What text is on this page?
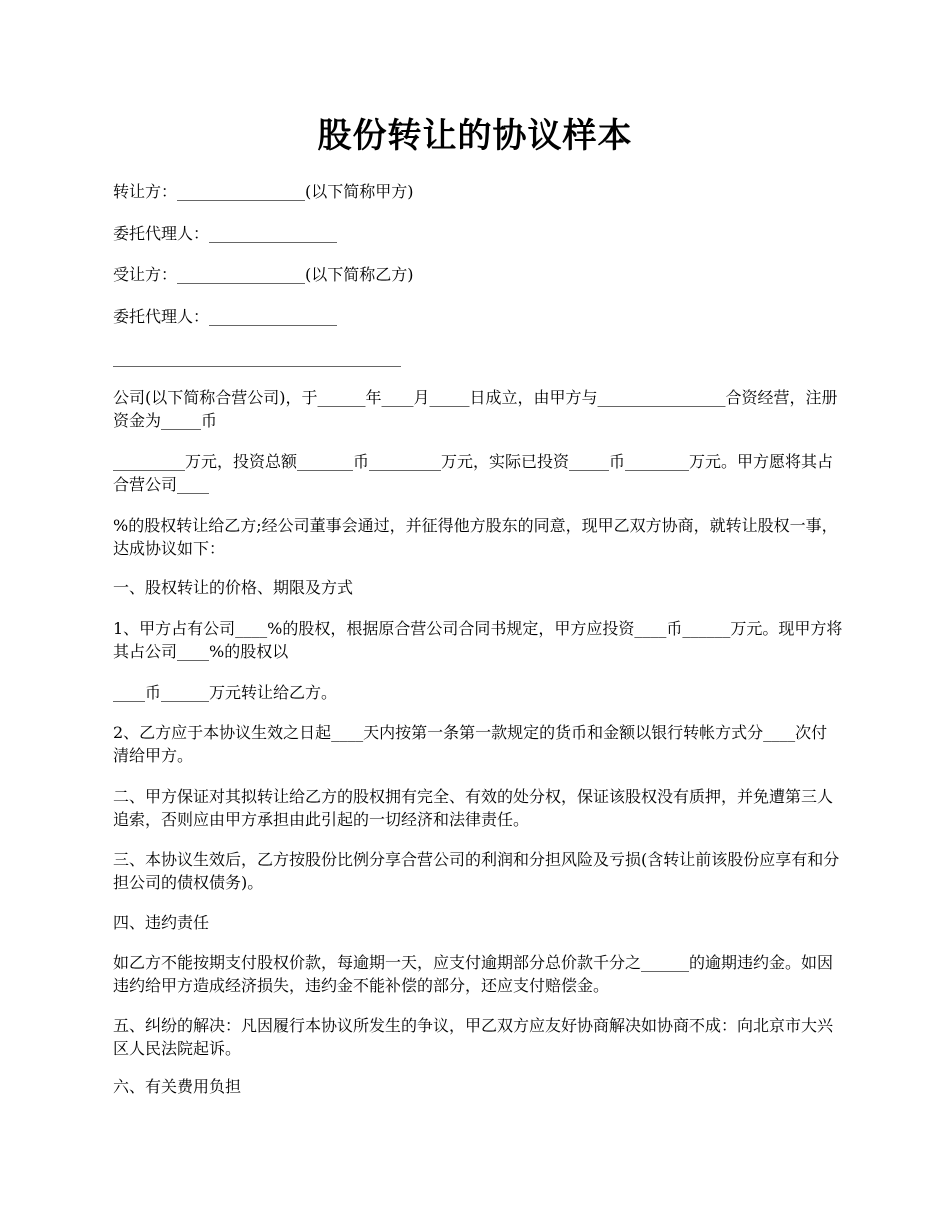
股份转让的协议样本
转让方：________________(以下简称甲方)
委托代理人：________________
受让方：________________(以下简称乙方)
委托代理人：________________
____________________________________
公司(以下简称合营公司)，于______年____月_____日成立，由甲方与________________合资经营，注册资金为_____币
_________万元，投资总额_______币_________万元，实际已投资_____币________万元。甲方愿将其占合营公司____
%的股权转让给乙方;经公司董事会通过，并征得他方股东的同意，现甲乙双方协商，就转让股权一事，达成协议如下：
一、股权转让的价格、期限及方式
1、甲方占有公司____%的股权，根据原合营公司合同书规定，甲方应投资____币______万元。现甲方将其占公司____%的股权以
____币______万元转让给乙方。
2、乙方应于本协议生效之日起____天内按第一条第一款规定的货币和金额以银行转帐方式分____次付清给甲方。
二、甲方保证对其拟转让给乙方的股权拥有完全、有效的处分权，保证该股权没有质押，并免遭第三人追索，否则应由甲方承担由此引起的一切经济和法律责任。
三、本协议生效后，乙方按股份比例分享合营公司的利润和分担风险及亏损(含转让前该股份应享有和分担公司的债权债务)。
四、违约责任
如乙方不能按期支付股权价款，每逾期一天，应支付逾期部分总价款千分之______的逾期违约金。如因违约给甲方造成经济损失，违约金不能补偿的部分，还应支付赔偿金。
五、纠纷的解决：凡因履行本协议所发生的争议，甲乙双方应友好协商解决如协商不成：向北京市大兴区人民法院起诉。
六、有关费用负担
